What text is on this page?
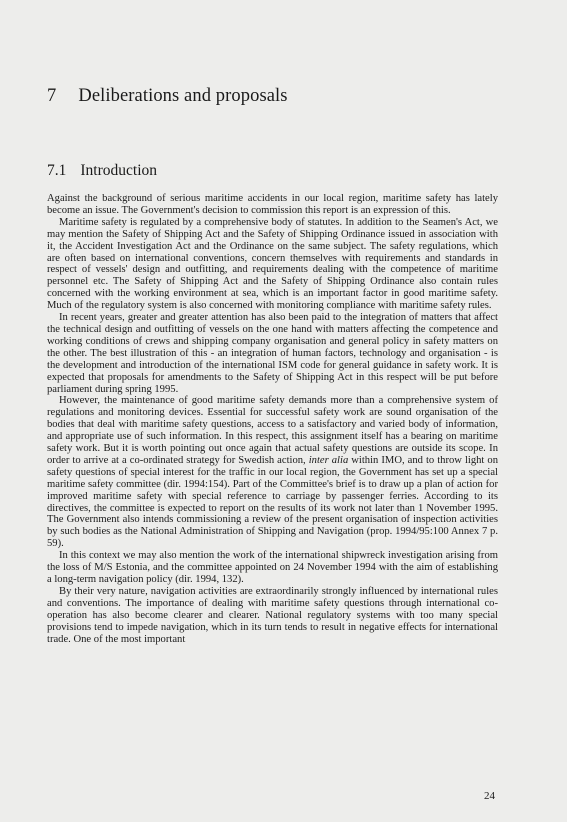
7 Deliberations and proposals
7.1 Introduction

Against the background of serious maritime accidents in our local region, maritime safety has lately become an issue. The Government's decision to commission this report is an expression of this.

Maritime safety is regulated by a comprehensive body of statutes. In addition to the Seamen's Act, we may mention the Safety of Shipping Act and the Safety of Shipping Ordinance issued in association with it, the Accident Investigation Act and the Ordinance on the same subject. The safety regulations, which are often based on international conventions, concern themselves with requirements and standards in respect of vessels' design and outfitting, and requirements dealing with the competence of maritime personnel etc. The Safety of Shipping Act and the Safety of Shipping Ordinance also contain rules concerned with the working environment at sea, which is an important factor in good maritime safety. Much of the regulatory system is also concerned with monitoring compliance with maritime safety rules.

In recent years, greater and greater attention has also been paid to the integration of matters that affect the technical design and outfitting of vessels on the one hand with matters affecting the competence and working conditions of crews and shipping company organisation and general policy in safety matters on the other. The best illustration of this - an integration of human factors, technology and organisation - is the development and introduction of the international ISM code for general guidance in safety work. It is expected that proposals for amendments to the Safety of Shipping Act in this respect will be put before parliament during spring 1995.

However, the maintenance of good maritime safety demands more than a comprehensive system of regulations and monitoring devices. Essential for successful safety work are sound organisation of the bodies that deal with maritime safety questions, access to a satisfactory and varied body of information, and appropriate use of such information. In this respect, this assignment itself has a bearing on maritime safety work. But it is worth pointing out once again that actual safety questions are outside its scope. In order to arrive at a co-ordinated strategy for Swedish action, inter alia within IMO, and to throw light on safety questions of special interest for the traffic in our local region, the Government has set up a special maritime safety committee (dir. 1994:154). Part of the Committee's brief is to draw up a plan of action for improved maritime safety with special reference to carriage by passenger ferries. According to its directives, the committee is expected to report on the results of its work not later than 1 November 1995. The Government also intends commissioning a review of the present organisation of inspection activities by such bodies as the National Administration of Shipping and Navigation (prop. 1994/95:100 Annex 7 p. 59).

In this context we may also mention the work of the international shipwreck investigation arising from the loss of M/S Estonia, and the committee appointed on 24 November 1994 with the aim of establishing a long-term navigation policy (dir. 1994, 132).

By their very nature, navigation activities are extraordinarily strongly influenced by international rules and conventions. The importance of dealing with maritime safety questions through international co-operation has also become clearer and clearer. National regulatory systems with too many special provisions tend to impede navigation, which in its turn tends to result in negative effects for international trade. One of the most important

24
